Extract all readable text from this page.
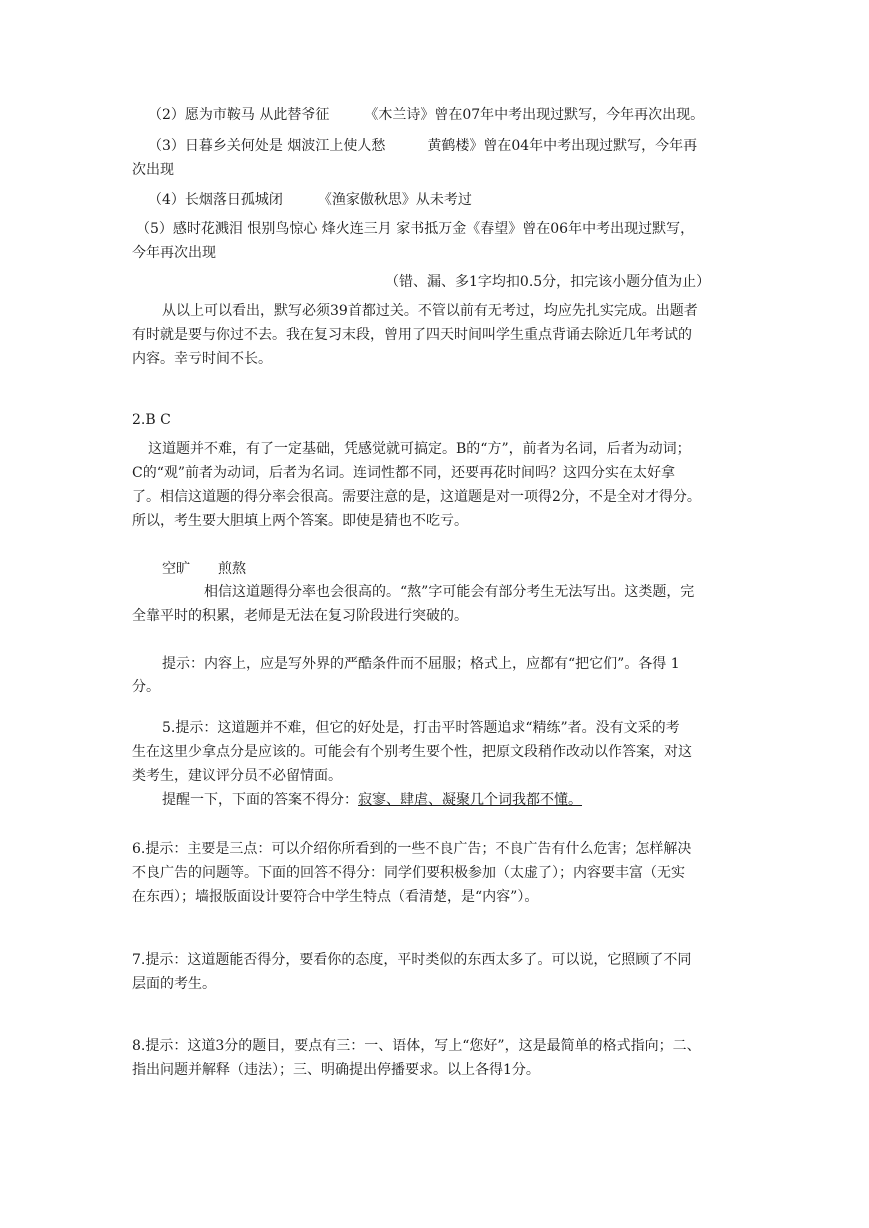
（2）愿为市鞍马 从此替爷征　　　《木兰诗》曾在07年中考出现过默写，今年再次出现。
（3）日暮乡关何处是 烟波江上使人愁　　　黄鹤楼》曾在04年中考出现过默写，今年再
次出现
（4）长烟落日孤城闭　　　《渔家傲秋思》从未考过
（5）感时花溅泪 恨别鸟惊心 烽火连三月 家书抵万金《春望》曾在06年中考出现过默写，
今年再次出现
（错、漏、多1字均扣0.5分，扣完该小题分值为止）
从以上可以看出，默写必须39首都过关。不管以前有无考过，均应先扎实完成。出题者
有时就是要与你过不去。我在复习末段，曾用了四天时间叫学生重点背诵去除近几年考试的
内容。幸亏时间不长。
2.B C
这道题并不难，有了一定基础，凭感觉就可搞定。B的“方”，前者为名词，后者为动词；
C的“观”前者为动词，后者为名词。连词性都不同，还要再花时间吗？这四分实在太好拿
了。相信这道题的得分率会很高。需要注意的是，这道题是对一项得2分，不是全对才得分。
所以，考生要大胆填上两个答案。即使是猜也不吃亏。
空旷　　煎熬
相信这道题得分率也会很高的。“熬”字可能会有部分考生无法写出。这类题，完
全靠平时的积累，老师是无法在复习阶段进行突破的。
提示：内容上，应是写外界的严酷条件而不屈服；格式上，应都有“把它们”。各得 1
分。
5.提示：这道题并不难，但它的好处是，打击平时答题追求“精练”者。没有文采的考
生在这里少拿点分是应该的。可能会有个别考生要个性，把原文段稍作改动以作答案，对这
类考生，建议评分员不必留情面。
提醒一下，下面的答案不得分：寂寥、肆虐、凝聚几个词我都不懂。
6.提示：主要是三点：可以介绍你所看到的一些不良广告；不良广告有什么危害；怎样解决
不良广告的问题等。下面的回答不得分：同学们要积极参加（太虚了）；内容要丰富（无实
在东西）；墙报版面设计要符合中学生特点（看清楚，是“内容”）。
7.提示：这道题能否得分，要看你的态度，平时类似的东西太多了。可以说，它照顾了不同
层面的考生。
8.提示：这道3分的题目，要点有三：一、语体，写上“您好”，这是最简单的格式指向；二、
指出问题并解释（违法）；三、明确提出停播要求。以上各得1分。
